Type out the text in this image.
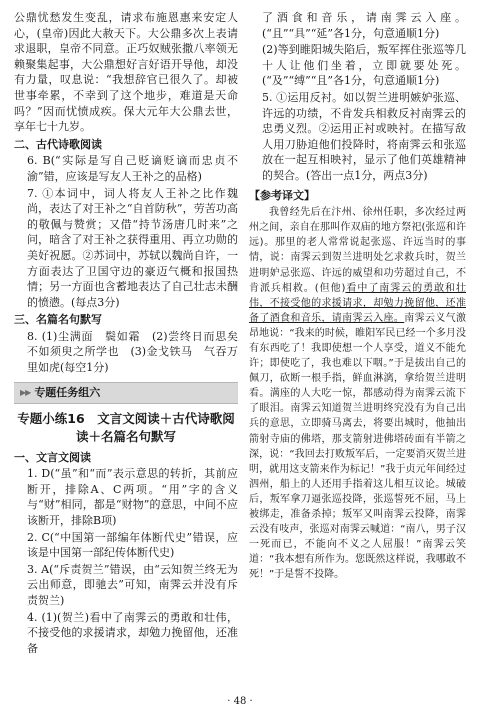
公鼎忧愁发生变乱，请求布施恩惠来安定人心，(皇帝)因此大赦天下。大公鼎多次上表请求退职，皇帝不同意。正巧奴贼张撒八率领无赖聚集起事，大公鼎想好言好语开导他，却没有力量，叹息说：“我想辞官已很久了。却被世事牵累，不幸到了这个地步，难道是天命吗？”因而忧愤成疾。保大元年大公鼎去世，享年七十九岁。

二、古代诗歌阅读

6. B(“实际是写自己贬谪贬谪而忠贞不渝”错，应该是写友人王补之的品格)

7. ①本词中，词人将友人王补之比作魏尚，表达了对王补之“自首防秋”，劳苦功高的敬佩与赞赏；又借“持节汤唐几时来”之问，暗含了对王补之获得重用、再立功勋的美好祝愿。②苏词中，苏轼以魏尚自许，一方面表达了卫国守边的豪迈气概和报国热情；另一方面也含蓄地表达了自己壮志未酬的愤懑。(每点3分)

三、名篇名句默写

8. (1)尘满面　鬓如霜　(2)尝终日而思矣　不如须臾之所学也　(3)金戈铁马　气吞万里如虎(每空1分)

▶▶ 专题任务组六
专题小练16　文言文阅读＋古代诗歌阅读＋名篇名句默写
一、文言文阅读

1. D(“虽”和“而”表示意思的转折，其前应断开，排除A、C两项。“用”字的含义与“财”相同，都是“财物”的意思，中间不应该断开，排除B项)

2. C(“中国第一部编年体断代史”错误，应该是中国第一部纪传体断代史)

3. A(“斥责贺兰”错误，由“云知贺兰终无为云出师意，即驰去”可知，南霁云并没有斥责贺兰)

4. (1)(贺兰)看中了南霁云的勇敢和壮伟，不接受他的求援请求，却勉力挽留他，还准备

了酒食和音乐，请南霁云入座。(“且”“具”“延”各1分，句意通顺1分)

(2)等到睢阳城失陷后，叛军挥住张巡等几十人让他们坐着，立即就要处死。(“及”“缚”“且”各1分，句意通顺1分)

5. ①运用反衬。如以贺兰进明嫉妒张巡、许远的功绩，不肯发兵相救反衬南霁云的忠勇义烈。②运用正衬或映衬。在描写敌人用刀胁迫他们投降时，将南霁云和张巡放在一起互相映衬，显示了他们英雄精神的契合。(答出一点1分，两点3分)

【参考译文】

我曾经先后在汴州、徐州任职，多次经过两州之间，亲自在那叫作双庙的地方祭祀(张巡和许远)。那里的老人常常说起张巡、许远当时的事情，说：南霁云到贺兰进明处乞求救兵时，贺兰进明妒忌张巡、许远的威望和功劳超过自己，不肯派兵相救。(但他)看中了南霁云的勇敢和壮伟，不接受他的求援请求，却勉力挽留他，还准备了酒食和音乐，请南霁云入座。南霁云义气激昂地说：“我来的时候，睢阳军民已经一个多月没有东西吃了！我即使想一个人享受，道义不能允许；即使吃了，我也难以下咽。”于是拔出自己的佩刀，砍断一根手指，鲜血淋漓，拿给贺兰进明看。满座的人大吃一惊，都感动得为南霁云流下了眼泪。南霁云知道贺兰进明终究没有为自己出兵的意思，立即骑马离去，将要出城时，他抽出箭射寺庙的佛塔，那支箭射进佛塔砖面有半箭之深，说：“我回去打败叛军后，一定要消灭贺兰进明，就用这支箭来作为标记！”我于贞元年间经过泗州，船上的人还用手指着这儿相互议论。城破后，叛军拿刀逼张巡投降，张巡誓死不屈，马上被绑走，准备杀掉；叛军又叫南霁云投降，南霁云没有吱声，张巡对南霁云喊道：“南八，男子汉一死而已，不能向不义之人屈服！”南霁云笑道：“我本想有所作为。您既然这样说，我哪敢不死！”于是誓不投降。

· 48 ·
